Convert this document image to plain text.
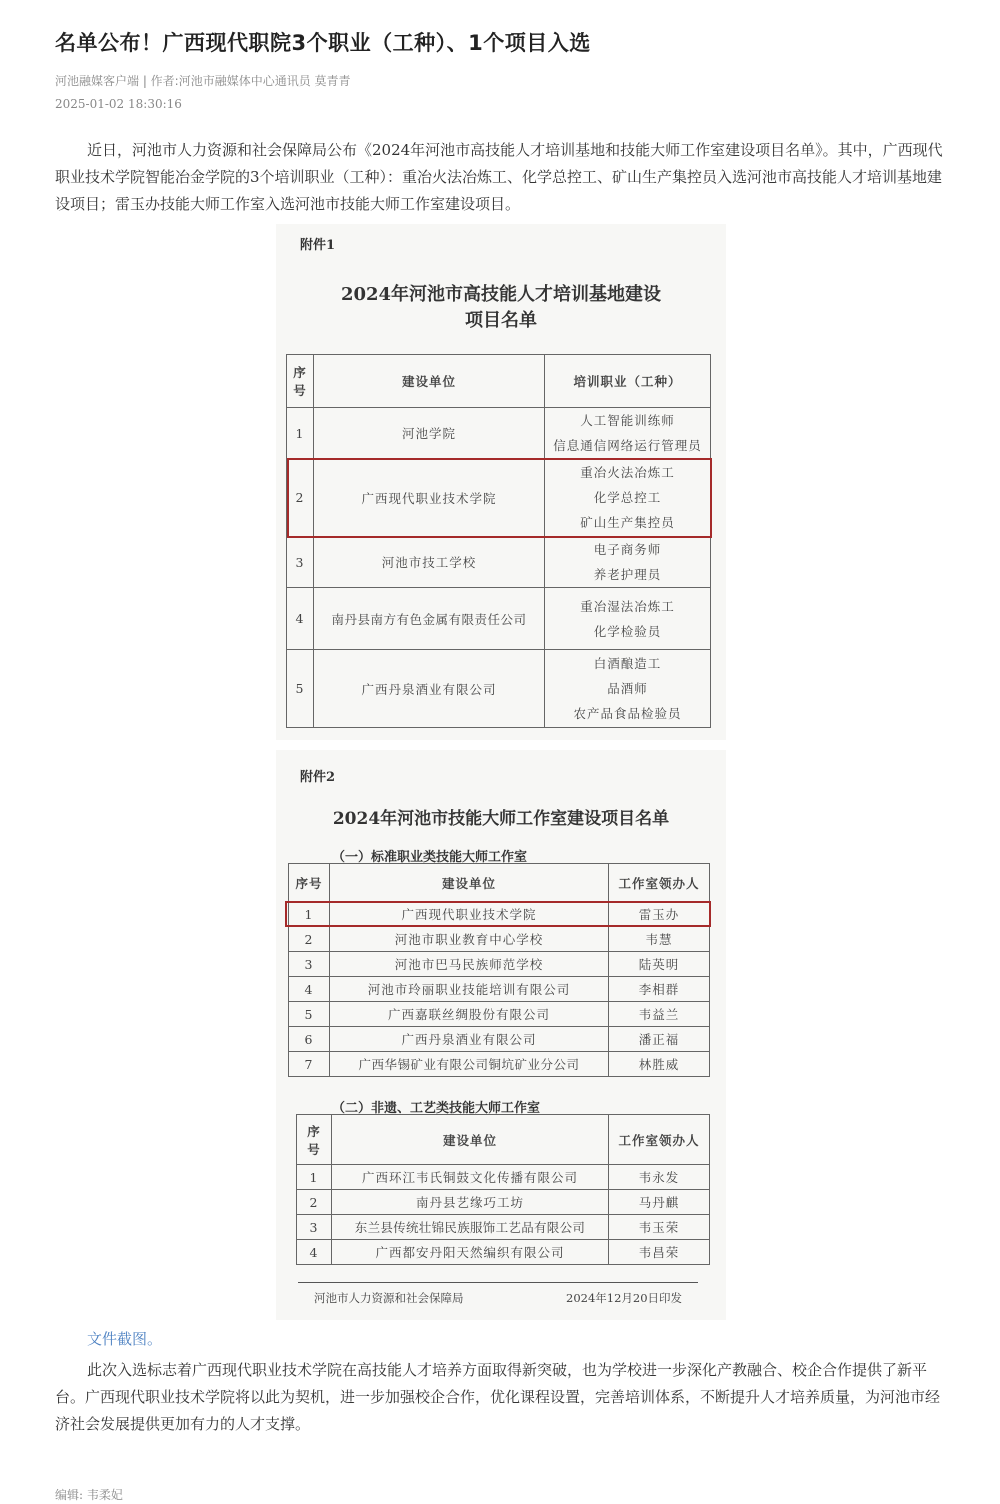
名单公布！广西现代职院3个职业（工种）、1个项目入选
河池融媒客户端 | 作者:河池市融媒体中心通讯员 莫青青
2025-01-02 18:30:16
近日，河池市人力资源和社会保障局公布《2024年河池市高技能人才培训基地和技能大师工作室建设项目名单》。其中，广西现代职业技术学院智能冶金学院的3个培训职业（工种）：重冶火法冶炼工、化学总控工、矿山生产集控员入选河池市高技能人才培训基地建设项目；雷玉办技能大师工作室入选河池市技能大师工作室建设项目。
附件1
2024年河池市高技能人才培训基地建设
项目名单
序
号	建设单位	培训职业（工种）
1	河池学院	人工智能训练师
信息通信网络运行管理员

2	广西现代职业技术学院	重冶火法冶炼工
化学总控工
矿山生产集控员

3	河池市技工学校	电子商务师
养老护理员

4	南丹县南方有色金属有限责任公司	重冶湿法冶炼工
化学检验员

5	广西丹泉酒业有限公司	白酒酿造工
品酒师
农产品食品检验员
附件2
2024年河池市技能大师工作室建设项目名单
（一）标准职业类技能大师工作室
序号	建设单位	工作室领办人
1	广西现代职业技术学院	雷玉办
2	河池市职业教育中心学校	韦慧
3	河池市巴马民族师范学校	陆英明
4	河池市玲丽职业技能培训有限公司	李相群
5	广西嘉联丝绸股份有限公司	韦益兰
6	广西丹泉酒业有限公司	潘正福
7	广西华锡矿业有限公司铜坑矿业分公司	林胜威
（二）非遗、工艺类技能大师工作室
序
号	建设单位	工作室领办人
1	广西环江韦氏铜鼓文化传播有限公司	韦永发
2	南丹县艺缘巧工坊	马丹麒
3	东兰县传统壮锦民族服饰工艺品有限公司	韦玉荣
4	广西都安丹阳天然编织有限公司	韦昌荣
河池市人力资源和社会保障局	2024年12月20日印发
文件截图。
此次入选标志着广西现代职业技术学院在高技能人才培养方面取得新突破，也为学校进一步深化产教融合、校企合作提供了新平台。广西现代职业技术学院将以此为契机，进一步加强校企合作，优化课程设置，完善培训体系，不断提升人才培养质量，为河池市经济社会发展提供更加有力的人才支撑。
编辑: 韦柔妃
